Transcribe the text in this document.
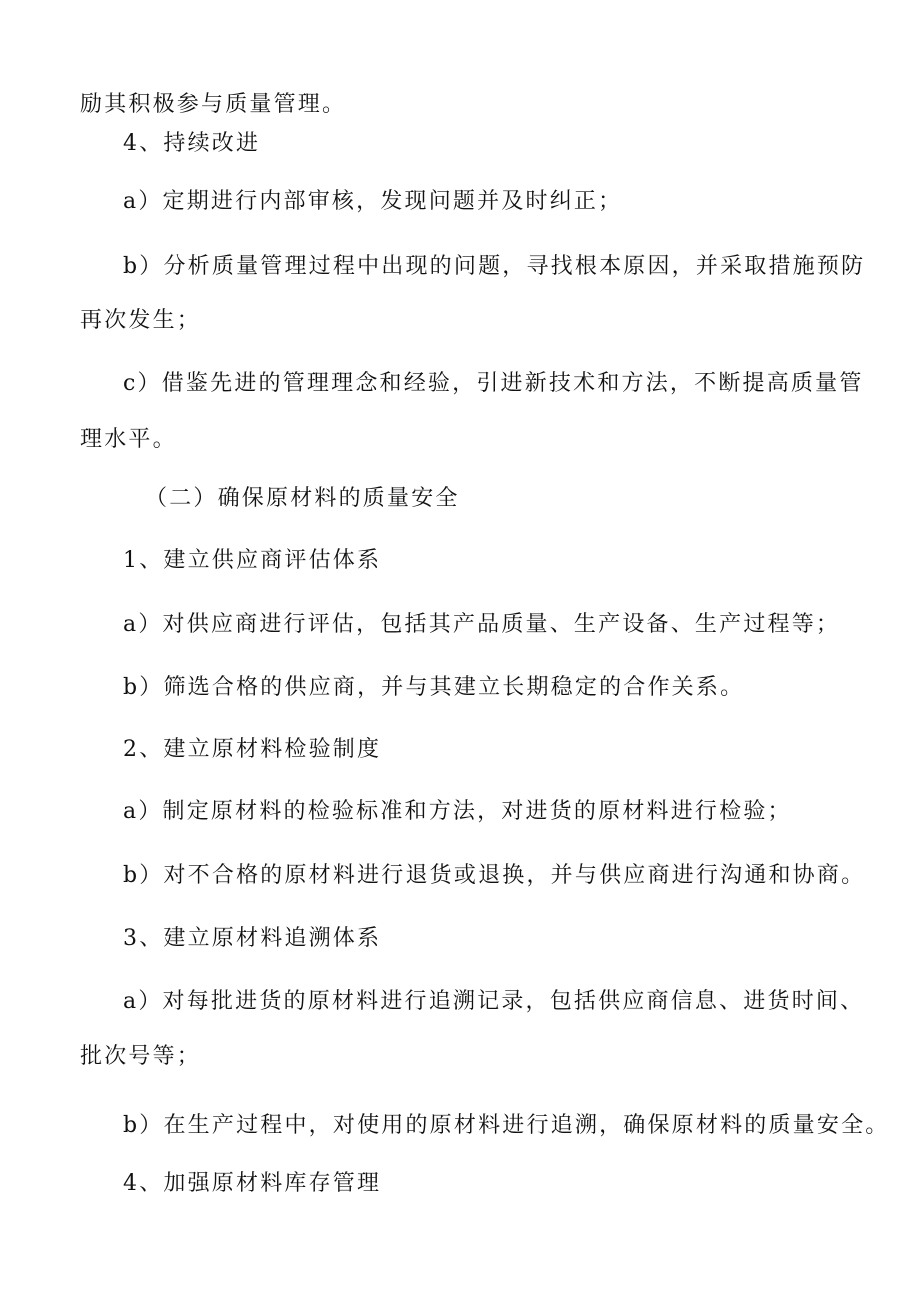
励其积极参与质量管理。
4、持续改进
a）定期进行内部审核，发现问题并及时纠正；
b）分析质量管理过程中出现的问题，寻找根本原因，并采取措施预防
再次发生；
c）借鉴先进的管理理念和经验，引进新技术和方法，不断提高质量管
理水平。
（二）确保原材料的质量安全
1、建立供应商评估体系
a）对供应商进行评估，包括其产品质量、生产设备、生产过程等；
b）筛选合格的供应商，并与其建立长期稳定的合作关系。
2、建立原材料检验制度
a）制定原材料的检验标准和方法，对进货的原材料进行检验；
b）对不合格的原材料进行退货或退换，并与供应商进行沟通和协商。
3、建立原材料追溯体系
a）对每批进货的原材料进行追溯记录，包括供应商信息、进货时间、
批次号等；
b）在生产过程中，对使用的原材料进行追溯，确保原材料的质量安全。
4、加强原材料库存管理
